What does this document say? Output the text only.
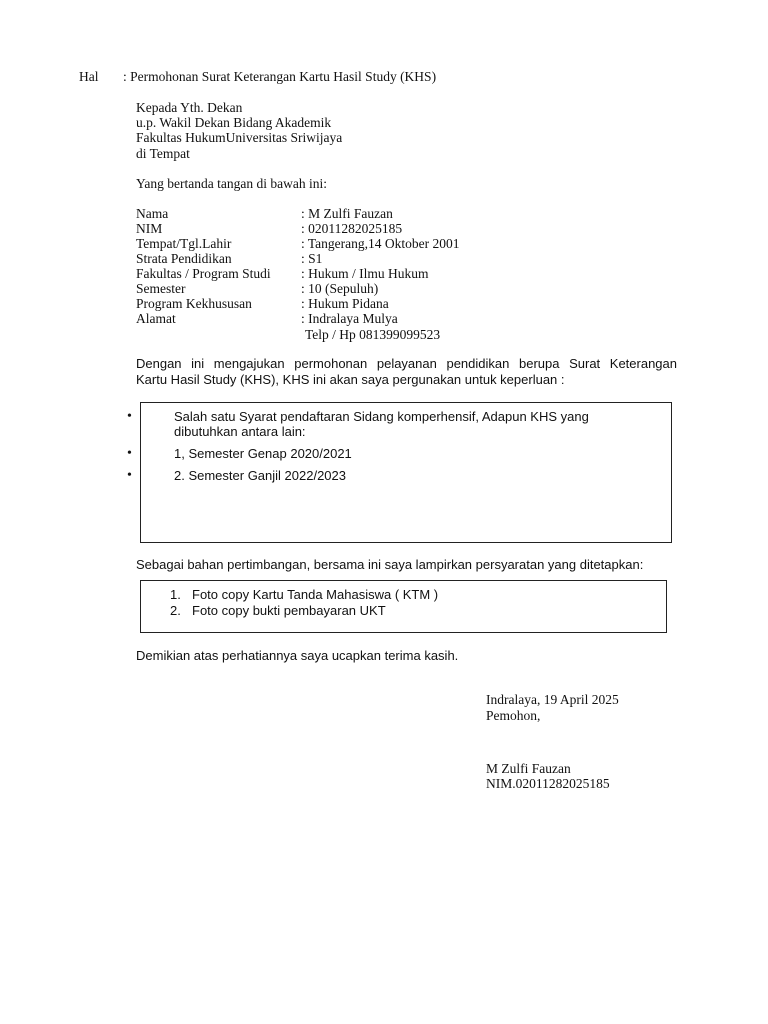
Hal : Permohonan Surat Keterangan Kartu Hasil Study (KHS)
Kepada Yth. Dekan
u.p. Wakil Dekan Bidang Akademik
Fakultas HukumUniversitas Sriwijaya
di Tempat
Yang bertanda tangan di bawah ini:
Nama	: M Zulfi Fauzan
NIM	: 02011282025185
Tempat/Tgl.Lahir	: Tangerang,14 Oktober 2001
Strata Pendidikan	: S1
Fakultas / Program Studi : Hukum / Ilmu Hukum
Semester	: 10 (Sepuluh)
Program Kekhususan	: Hukum Pidana
Alamat	: Indralaya Mulya
Telp / Hp 081399099523
Dengan ini mengajukan permohonan pelayanan pendidikan berupa Surat Keterangan
Kartu Hasil Study (KHS), KHS ini akan saya pergunakan untuk keperluan :
•
•
•
Salah satu Syarat pendaftaran Sidang komperhensif, Adapun KHS yang
dibutuhkan antara lain:
1, Semester Genap 2020/2021
2. Semester Ganjil 2022/2023
Sebagai bahan pertimbangan, bersama ini saya lampirkan persyaratan yang ditetapkan:
1. Foto copy Kartu Tanda Mahasiswa ( KTM )
2. Foto copy bukti pembayaran UKT
Demikian atas perhatiannya saya ucapkan terima kasih.
Indralaya, 19 April 2025
Pemohon,
M Zulfi Fauzan
NIM.02011282025185
